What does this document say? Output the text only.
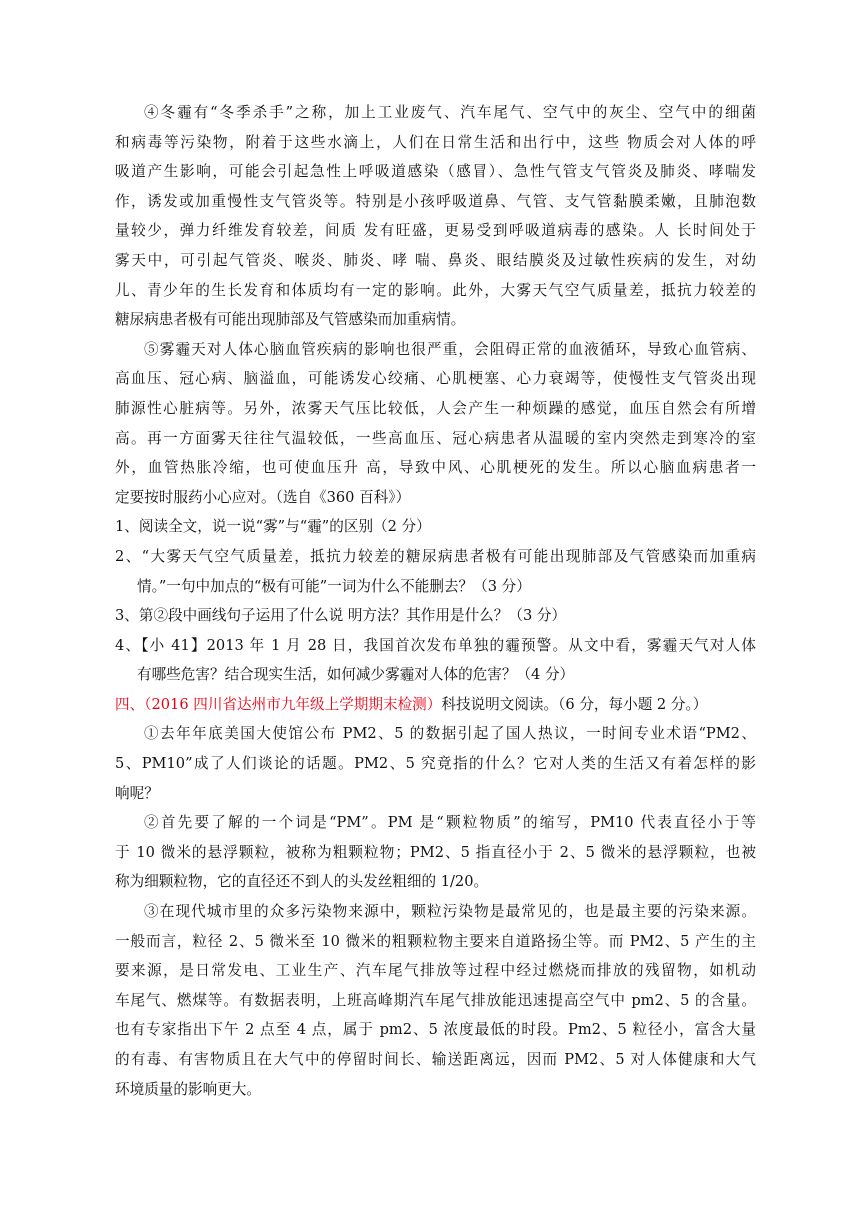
④冬霾有“冬季杀手”之称，加上工业废气、汽车尾气、空气中的灰尘、空气中的细菌
和病毒等污染物，附着于这些水滴上，人们在日常生活和出行中，这些 物质会对人体的呼
吸道产生影响，可能会引起急性上呼吸道感染（感冒）、急性气管支气管炎及肺炎、哮喘发
作，诱发或加重慢性支气管炎等。特别是小孩呼吸道鼻、气管、支气管黏膜柔嫩，且肺泡数
量较少，弹力纤维发育较差，间质 发有旺盛，更易受到呼吸道病毒的感染。人 长时间处于
雾天中，可引起气管炎、喉炎、肺炎、哮 喘、鼻炎、眼结膜炎及过敏性疾病的发生，对幼
儿、青少年的生长发育和体质均有一定的影响。此外，大雾天气空气质量差，抵抗力较差的
糖尿病患者极有可能出现肺部及气管感染而加重病情。
⑤雾霾天对人体心脑血管疾病的影响也很严重，会阻碍正常的血液循环，导致心血管病、
高血压、冠心病、脑溢血，可能诱发心绞痛、心肌梗塞、心力衰竭等，使慢性支气管炎出现
肺源性心脏病等。另外，浓雾天气压比较低，人会产生一种烦躁的感觉，血压自然会有所增
高。再一方面雾天往往气温较低，一些高血压、冠心病患者从温暖的室内突然走到寒冷的室
外，血管热胀冷缩，也可使血压升 高，导致中风、心肌梗死的发生。所以心脑血病患者一
定要按时服药小心应对。（选自《360 百科》）
1、阅读全文，说一说“雾”与“霾”的区别（2 分）
2、“大雾天气空气质量差，抵抗力较差的糖尿病患者极有可能出现肺部及气管感染而加重病
情。”一句中加点的“极有可能”一词为什么不能删去？（3 分）
3、第②段中画线句子运用了什么说 明方法？其作用是什么？（3 分）
4、【小 41】2013 年 1 月 28 日，我国首次发布单独的霾预警。从文中看，雾霾天气对人体
有哪些危害？结合现实生活，如何减少雾霾对人体的危害？（4 分）
四、（2016 四川省达州市九年级上学期期末检测）科技说明文阅读。（6 分，每小题 2 分。）
①去年年底美国大使馆公布 PM2、5 的数据引起了国人热议，一时间专业术语“PM2、
5、PM10”成了人们谈论的话题。PM2、5 究竟指的什么？它对人类的生活又有着怎样的影
响呢？
②首先要了解的一个词是“PM”。PM 是“颗粒物质”的缩写，PM10 代表直径小于等
于 10 微米的悬浮颗粒，被称为粗颗粒物；PM2、5 指直径小于 2、5 微米的悬浮颗粒，也被
称为细颗粒物，它的直径还不到人的头发丝粗细的 1/20。
③在现代城市里的众多污染物来源中，颗粒污染物是最常见的，也是最主要的污染来源。
一般而言，粒径 2、5 微米至 10 微米的粗颗粒物主要来自道路扬尘等。而 PM2、5 产生的主
要来源，是日常发电、工业生产、汽车尾气排放等过程中经过燃烧而排放的残留物，如机动
车尾气、燃煤等。有数据表明，上班高峰期汽车尾气排放能迅速提高空气中 pm2、5 的含量。
也有专家指出下午 2 点至 4 点，属于 pm2、5 浓度最低的时段。Pm2、5 粒径小，富含大量
的有毒、有害物质且在大气中的停留时间长、输送距离远，因而 PM2、5 对人体健康和大气
环境质量的影响更大。
